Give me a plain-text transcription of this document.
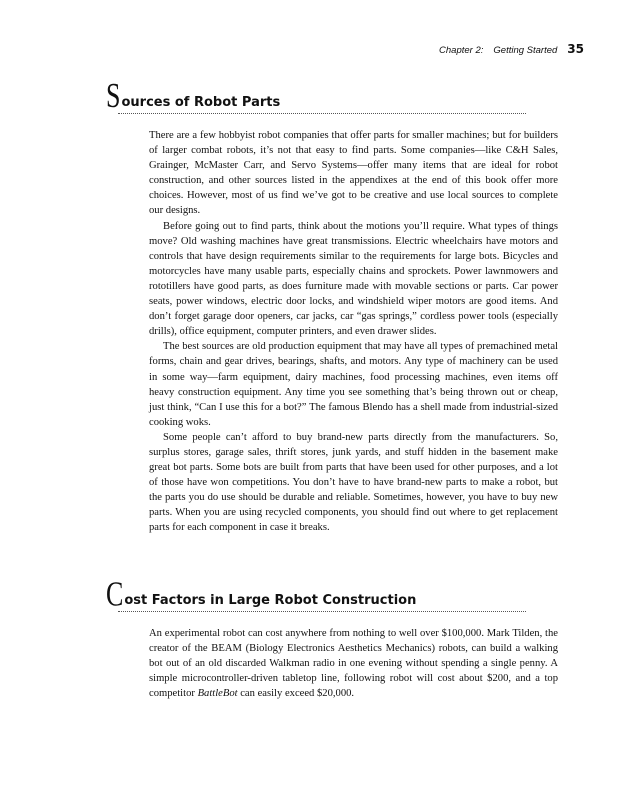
Chapter 2: Getting Started 35
S ources of Robot Parts

There are a few hobbyist robot companies that offer parts for smaller machines; but for builders of larger combat robots, it’s not that easy to find parts. Some companies—like C&H Sales, Grainger, McMaster Carr, and Servo Systems—offer many items that are ideal for robot construction, and other sources listed in the appendixes at the end of this book offer more choices. However, most of us find we’ve got to be creative and use local sources to complete our designs.

Before going out to find parts, think about the motions you’ll require. What types of things move? Old washing machines have great transmissions. Electric wheelchairs have motors and controls that have design requirements similar to the requirements for large bots. Bicycles and motorcycles have many usable parts, especially chains and sprockets. Power lawnmowers and rototillers have good parts, as does furniture made with movable sections or parts. Car power seats, power windows, electric door locks, and windshield wiper motors are good items. And don’t forget garage door openers, car jacks, car “gas springs,” cordless power tools (especially drills), office equipment, computer printers, and even drawer slides.

The best sources are old production equipment that may have all types of premachined metal forms, chain and gear drives, bearings, shafts, and motors. Any type of machinery can be used in some way—farm equipment, dairy machines, food processing machines, even items off heavy construction equipment. Any time you see something that’s being thrown out or cheap, just think, “Can I use this for a bot?” The famous Blendo has a shell made from industrial-sized cooking woks.

Some people can’t afford to buy brand-new parts directly from the manufacturers. So, surplus stores, garage sales, thrift stores, junk yards, and stuff hidden in the basement make great bot parts. Some bots are built from parts that have been used for other purposes, and a lot of those have won competitions. You don’t have to have brand-new parts to make a robot, but the parts you do use should be durable and reliable. Sometimes, however, you have to buy new parts. When you are using recycled components, you should find out where to get replacement parts for each component in case it breaks.

C ost Factors in Large Robot Construction

An experimental robot can cost anywhere from nothing to well over $100,000. Mark Tilden, the creator of the BEAM (Biology Electronics Aesthetics Mechanics) robots, can build a walking bot out of an old discarded Walkman radio in one evening without spending a single penny. A simple microcontroller-driven tabletop line, following robot will cost about $200, and a top competitor BattleBot can easily exceed $20,000.
